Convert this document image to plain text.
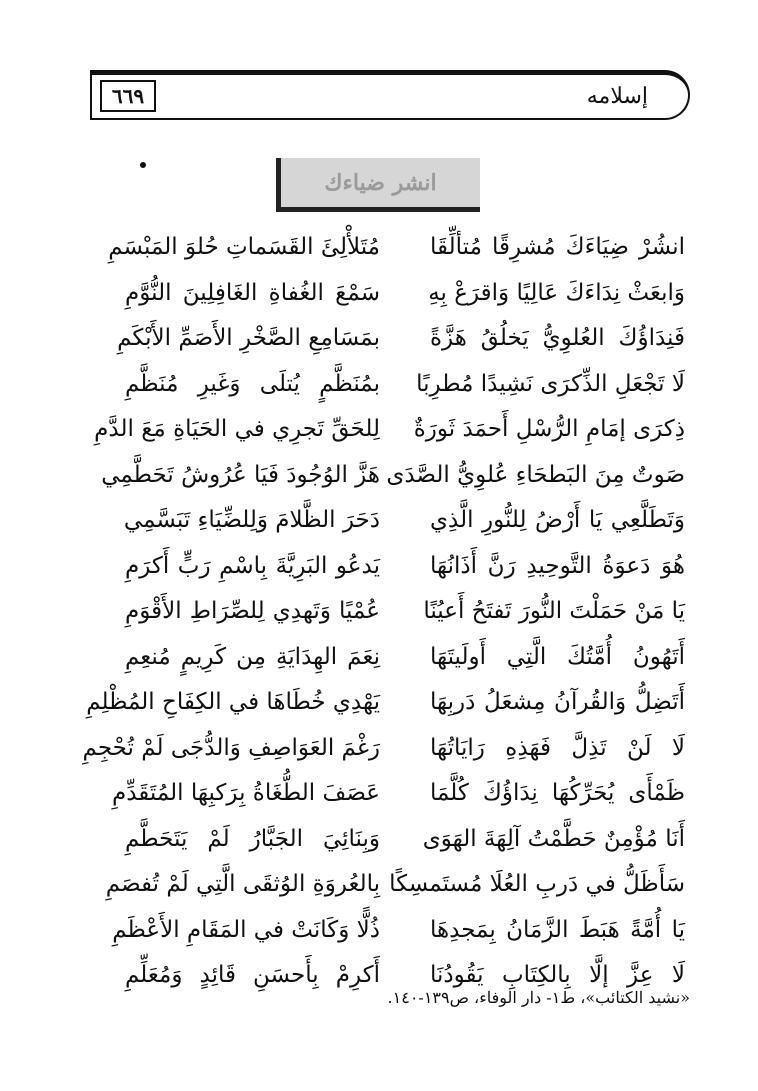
٦٦٩	إسلامه
انشر ضياءك
انشُرْ ضِيَاءَكَ مُشرِقًا مُتألِّقَا
مُتَلأْلِئَ القَسَماتِ حُلوَ المَبْسَمِ
وَابعَثْ نِدَاءَكَ عَالِيًا وَاقرَعْ بِهِ
سَمْعَ الغُفاةِ الغَافِلِينَ النُّوَّمِ
فَنِدَاؤُكَ العُلوِيُّ يَخلُقُ هَزَّةً
بمَسَامِعِ الصَّخْرِ الأَصَمِّ الأَبْكَمِ
لَا تَجْعَلِ الذِّكرَى نَشِيدًا مُطرِبًا
بمُنَظَّمٍ يُتلَى وَغَيرِ مُنَظَّمِ
ذِكرَى إمَامِ الرُّسْلِ أَحمَدَ ثَورَةٌ
لِلحَقِّ تَجرِي في الحَيَاةِ مَعَ الدَّمِ
صَوتٌ مِنَ البَطحَاءِ عُلوِيُّ الصَّدَى
هَزَّ الوُجُودَ فَيَا عُرُوشُ تَحَطَّمِي
وَتَطَلَّعِي يَا أَرْضُ لِلنُّورِ الَّذِي
دَحَرَ الظَّلامَ وَلِلضِّيَاءِ تَبَسَّمِي
هُوَ دَعوَةُ التَّوحِيدِ رَنَّ أَذَانُهَا
يَدعُو البَرِيَّةَ بِاسْمِ رَبٍّ أَكرَمِ
يَا مَنْ حَمَلْتَ النُّورَ تَفتَحُ أَعيُنًا
عُمْيًا وَتَهدِي لِلصِّرَاطِ الأَقْوَمِ
أَتَهُونُ أُمَّتُكَ الَّتِي أَولَيتَهَا
نِعَمَ الهِدَايَةِ مِن كَرِيمٍ مُنعِمِ
أَتَضِلُّ وَالقُرآنُ مِشعَلُ دَربِهَا
يَهْدِي خُطَاهَا في الكِفَاحِ المُظْلِمِ
لَا لَنْ تَذِلَّ فَهَذِهِ رَايَاتُهَا
رَغْمَ العَوَاصِفِ وَالدُّجَى لَمْ تُحْجِمِ
ظَمْأَى يُحَرِّكُهَا نِدَاؤُكَ كُلَّمَا
عَصَفَ الطُّغَاةُ بِرَكبِهَا المُتَقَدِّمِ
أَنَا مُؤْمِنٌ حَطَّمْتُ آلِهَةَ الهَوَى
وَبِنَائِيَ الجَبَّارُ لَمْ يَتَحَطَّمِ
سَأَظَلُّ في دَربِ العُلَا مُستَمسِكًا
بِالعُروَةِ الوُثقَى الَّتِي لَمْ تُفصَمِ
يَا أُمَّةً هَبَطَ الزَّمَانُ بِمَجدِهَا
ذُلًّا وَكَانَتْ في المَقَامِ الأَعْظَمِ
لَا عِزَّ إلَّا بِالكِتَابِ يَقُودُنَا
أَكرِمْ بِأَحسَنِ قَائِدٍ وَمُعَلِّمِ
«نشيد الكتائب»، ط١- دار الوفاء، ص١٣٩-١٤٠.
